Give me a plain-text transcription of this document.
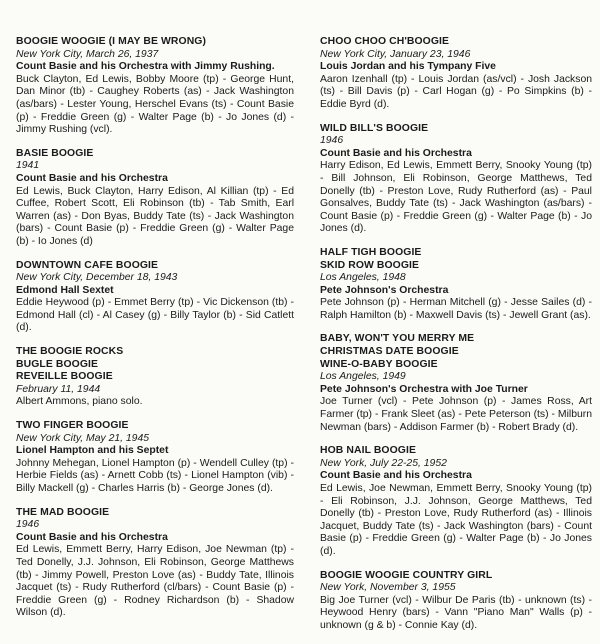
BOOGIE WOOGIE (I MAY BE WRONG)
New York City, March 26, 1937
Count Basie and his Orchestra with Jimmy Rushing.
Buck Clayton, Ed Lewis, Bobby Moore (tp) - George Hunt, Dan Minor (tb) - Caughey Roberts (as) - Jack Washington (as/bars) - Lester Young, Herschel Evans (ts) - Count Basie (p) - Freddie Green (g) - Walter Page (b) - Jo Jones (d) - Jimmy Rushing (vcl).
BASIE BOOGIE
1941
Count Basie and his Orchestra
Ed Lewis, Buck Clayton, Harry Edison, Al Killian (tp) - Ed Cuffee, Robert Scott, Eli Robinson (tb) - Tab Smith, Earl Warren (as) - Don Byas, Buddy Tate (ts) - Jack Washington (bars) - Count Basie (p) - Freddie Green (g) - Walter Page (b) - Io Jones (d)
DOWNTOWN CAFE BOOGIE
New York City, December 18, 1943
Edmond Hall Sextet
Eddie Heywood (p) - Emmet Berry (tp) - Vic Dickenson (tb) - Edmond Hall (cl) - Al Casey (g) - Billy Taylor (b) - Sid Catlett (d).
THE BOOGIE ROCKS
BUGLE BOOGIE
REVEILLE BOOGIE
February 11, 1944
Albert Ammons, piano solo.
TWO FINGER BOOGIE
New York City, May 21, 1945
Lionel Hampton and his Septet
Johnny Mehegan, Lionel Hampton (p) - Wendell Culley (tp) - Herbie Fields (as) - Arnett Cobb (ts) - Lionel Hampton (vib) - Billy Mackell (g) - Charles Harris (b) - George Jones (d).
THE MAD BOOGIE
1946
Count Basie and his Orchestra
Ed Lewis, Emmett Berry, Harry Edison, Joe Newman (tp) - Ted Donelly, J.J. Johnson, Eli Robinson, George Matthews (tb) - Jimmy Powell, Preston Love (as) - Buddy Tate, Illinois Jacquet (ts) - Rudy Rutherford (cl/bars) - Count Basie (p) - Freddie Green (g) - Rodney Richardson (b) - Shadow Wilson (d).
CHOO CHOO CH'BOOGIE
New York City, January 23, 1946
Louis Jordan and his Tympany Five
Aaron Izenhall (tp) - Louis Jordan (as/vcl) - Josh Jackson (ts) - Bill Davis (p) - Carl Hogan (g) - Po Simpkins (b) - Eddie Byrd (d).
WILD BILL'S BOOGIE
1946
Count Basie and his Orchestra
Harry Edison, Ed Lewis, Emmett Berry, Snooky Young (tp) - Bill Johnson, Eli Robinson, George Matthews, Ted Donelly (tb) - Preston Love, Rudy Rutherford (as) - Paul Gonsalves, Buddy Tate (ts) - Jack Washington (as/bars) - Count Basie (p) - Freddie Green (g) - Walter Page (b) - Jo Jones (d).
HALF TIGH BOOGIE
SKID ROW BOOGIE
Los Angeles, 1948
Pete Johnson's Orchestra
Pete Johnson (p) - Herman Mitchell (g) - Jesse Sailes (d) - Ralph Hamilton (b) - Maxwell Davis (ts) - Jewell Grant (as).
BABY, WON'T YOU MERRY ME
CHRISTMAS DATE BOOGIE
WINE-O-BABY BOOGIE
Los Angeles, 1949
Pete Johnson's Orchestra with Joe Turner
Joe Turner (vcl) - Pete Johnson (p) - James Ross, Art Farmer (tp) - Frank Sleet (as) - Pete Peterson (ts) - Milburn Newman (bars) - Addison Farmer (b) - Robert Brady (d).
HOB NAIL BOOGIE
New York, July 22-25, 1952
Count Basie and his Orchestra
Ed Lewis, Joe Newman, Emmett Berry, Snooky Young (tp) - Eli Robinson, J.J. Johnson, George Matthews, Ted Donelly (tb) - Preston Love, Rudy Rutherford (as) - Illinois Jacquet, Buddy Tate (ts) - Jack Washington (bars) - Count Basie (p) - Freddie Green (g) - Walter Page (b) - Jo Jones (d).
BOOGIE WOOGIE COUNTRY GIRL
New York, November 3, 1955
Big Joe Turner (vcl) - Wilbur De Paris (tb) - unknown (ts) - Heywood Henry (bars) - Vann "Piano Man" Walls (p) - unknown (g & b) - Connie Kay (d).
